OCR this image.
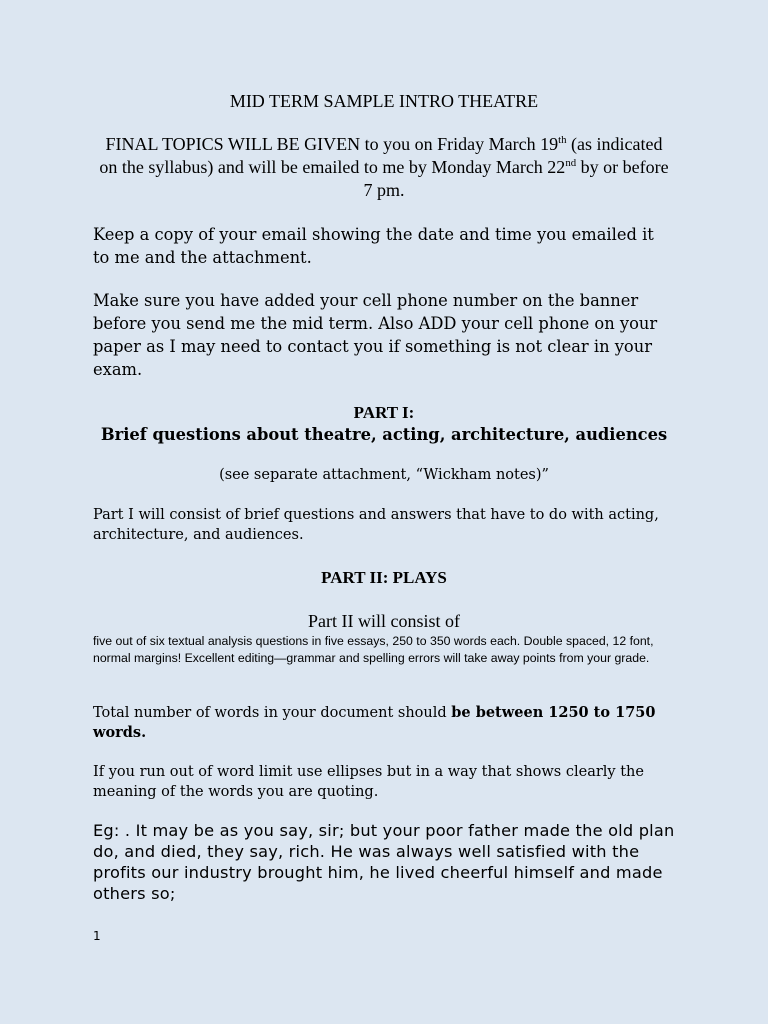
MID TERM SAMPLE INTRO THEATRE

FINAL TOPICS WILL BE GIVEN to you on Friday March 19th (as indicated on the syllabus) and will be emailed to me by Monday March 22nd by or before 7 pm.

Keep a copy of your email showing the date and time you emailed it to me and the attachment.

Make sure you have added your cell phone number on the banner before you send me the mid term. Also ADD your cell phone on your paper as I may need to contact you if something is not clear in your exam.

PART I:

Brief questions about theatre, acting, architecture, audiences

(see separate attachment, “Wickham notes)”

Part I will consist of brief questions and answers that have to do with acting, architecture, and audiences.

PART II: PLAYS

Part II will consist of

five out of six textual analysis questions in five essays, 250 to 350 words each. Double spaced, 12 font, normal margins! Excellent editing—grammar and spelling errors will take away points from your grade.

Total number of words in your document should be between 1250 to 1750 words.

If you run out of word limit use ellipses but in a way that shows clearly the meaning of the words you are quoting.

Eg: . It may be as you say, sir; but your poor father made the old plan do, and died, they say, rich. He was always well satisfied with the profits our industry brought him, he lived cheerful himself and made others so;

1
